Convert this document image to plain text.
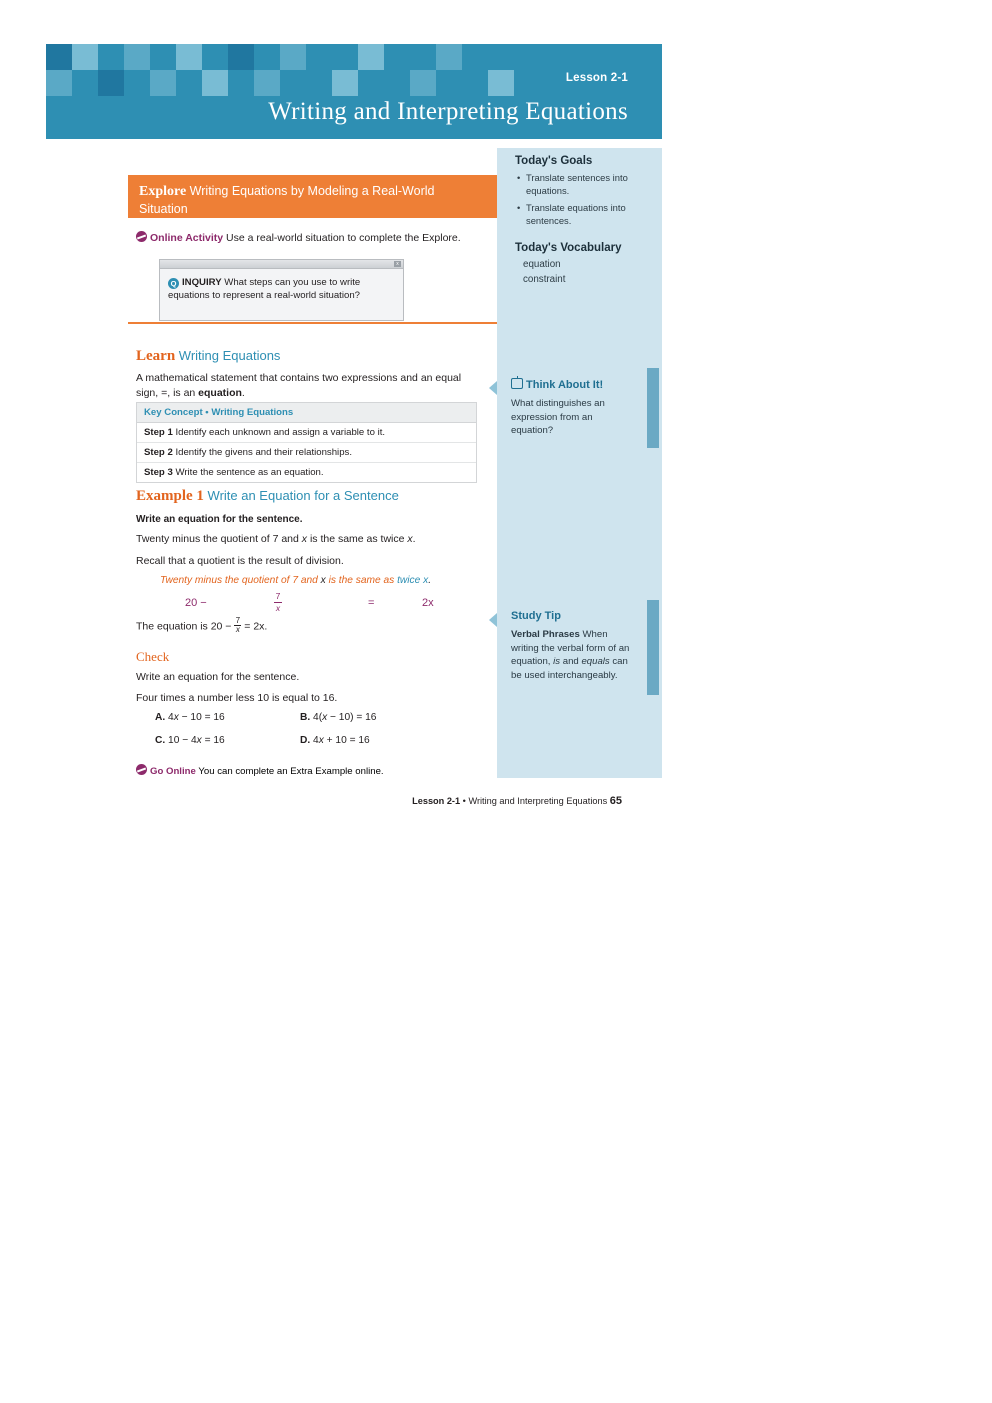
Lesson 2-1
Writing and Interpreting Equations
Today's Goals
• Translate sentences into equations.
• Translate equations into sentences.
Today's Vocabulary
equation
constraint
Think About It!

What distinguishes an expression from an equation?

Study Tip

Verbal Phrases When writing the verbal form of an equation, is and equals can be used interchangeably.

Explore Writing Equations by Modeling a Real-World Situation
Online Activity Use a real-world situation to complete the Explore.
x
Q INQUIRY What steps can you use to write equations to represent a real-world situation?
Learn Writing Equations
A mathematical statement that contains two expressions and an equal sign, =, is an equation.
Key Concept • Writing Equations
Step 1 Identify each unknown and assign a variable to it.
Step 2 Identify the givens and their relationships.
Step 3 Write the sentence as an equation.
Example 1 Write an Equation for a Sentence
Write an equation for the sentence.
Twenty minus the quotient of 7 and x is the same as twice x.
Recall that a quotient is the result of division.
Twenty minus the quotient of 7 and x is the same as twice x.
20 −
7
x	=	2x
The equation is $20 - \frac{7}{x} = 2x$.
Check
Write an equation for the sentence.
Four times a number less 10 is equal to 16.
A. 4x − 10 = 16	B. 4(x − 10) = 16
C. 10 − 4x = 16	D. 4x + 10 = 16
Go Online You can complete an Extra Example online.
Lesson 2-1 • Writing and Interpreting Equations 65
